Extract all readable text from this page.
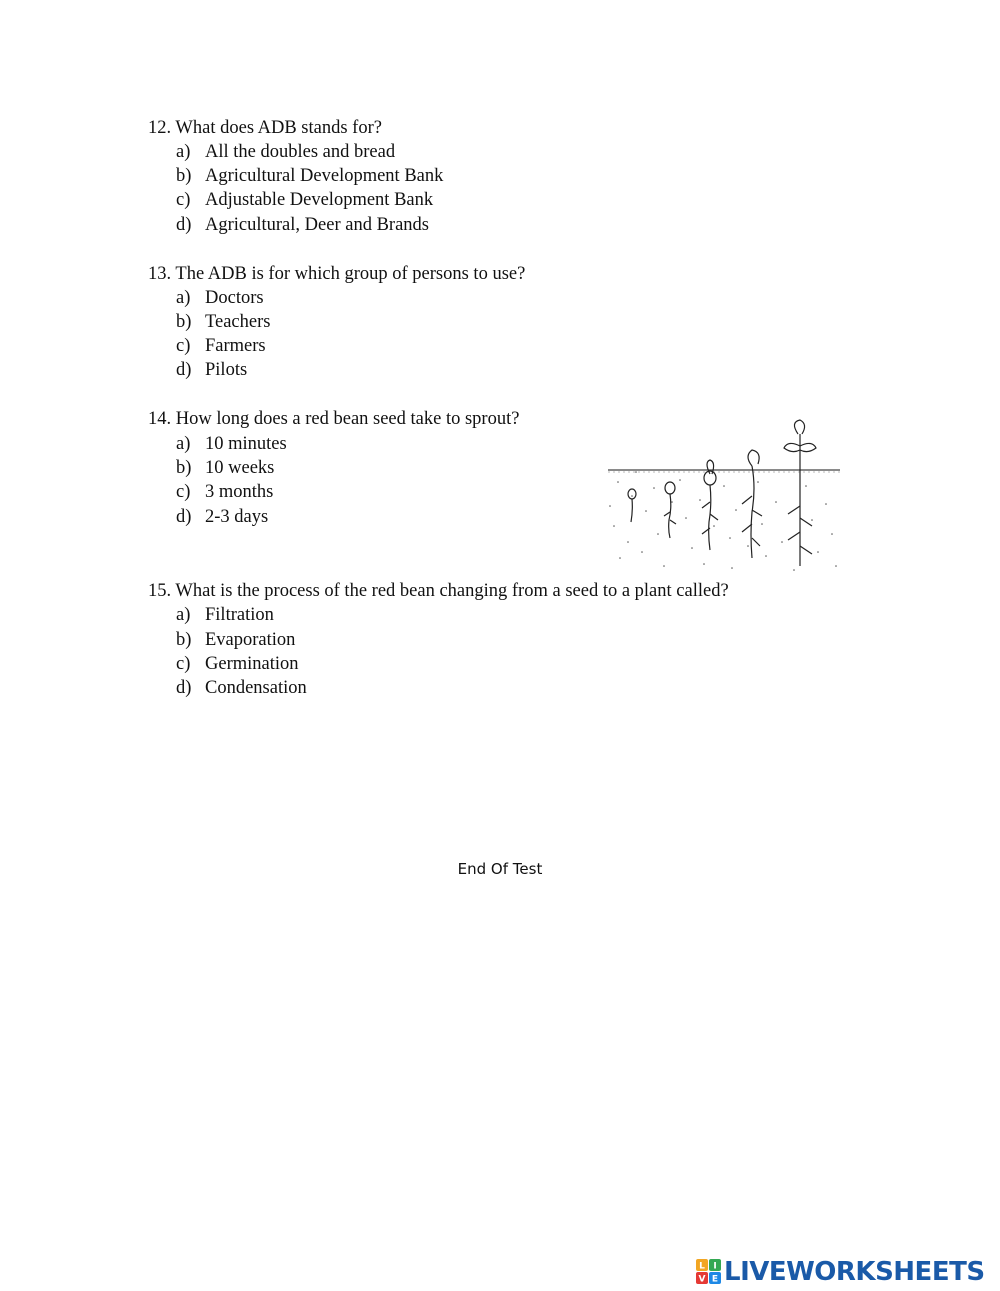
12. What does ADB stands for?
a) All the doubles and bread
b) Agricultural Development Bank
c) Adjustable Development Bank
d) Agricultural, Deer and Brands
13. The ADB is for which group of persons to use?
a) Doctors
b) Teachers
c) Farmers
d) Pilots
14. How long does a red bean seed take to sprout?
a) 10 minutes
b) 10 weeks
c) 3 months
d) 2-3 days
15. What is the process of the red bean changing from a seed to a plant called?
a) Filtration
b) Evaporation
c) Germination
d) Condensation
End Of Test
L I
V E LIVEWORKSHEETS
